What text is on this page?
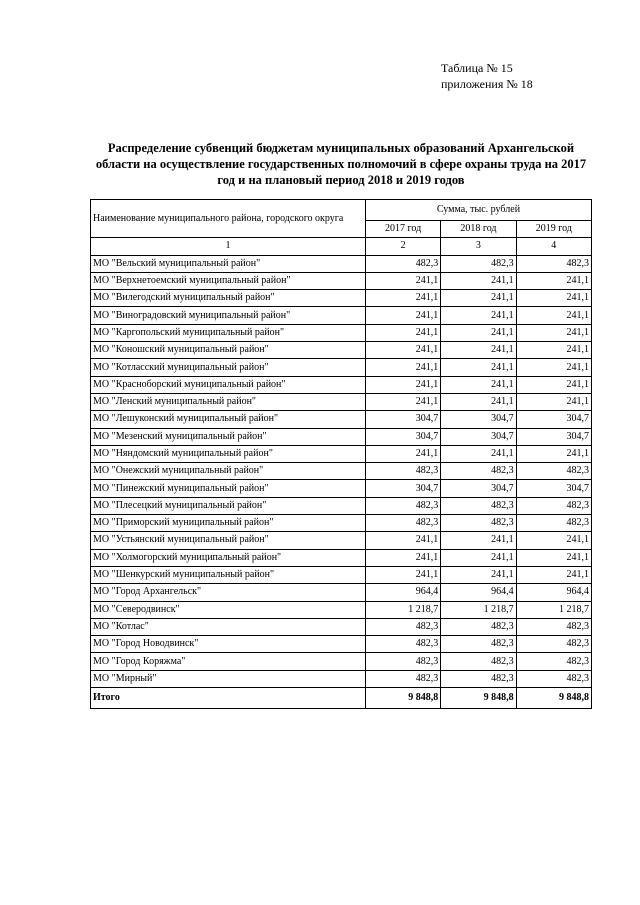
Таблица № 15
приложения № 18
Распределение субвенций бюджетам муниципальных образований Архангельской области на осуществление государственных полномочий в сфере охраны труда на 2017 год и на плановый период 2018 и 2019 годов
Наименование муниципального района, городского округа	Сумма, тыс. рублей		
	2017 год	2018 год	2019 год
1	2	3	4
МО "Вельский муниципальный район"	482,3	482,3	482,3
МО "Верхнетоемский муниципальный район"	241,1	241,1	241,1
МО "Вилегодский муниципальный район"	241,1	241,1	241,1
МО "Виноградовский муниципальный район"	241,1	241,1	241,1
МО "Каргопольский муниципальный район"	241,1	241,1	241,1
МО "Коношский муниципальный район"	241,1	241,1	241,1
МО "Котласский муниципальный район"	241,1	241,1	241,1
МО "Красноборский муниципальный район"	241,1	241,1	241,1
МО "Ленский муниципальный район"	241,1	241,1	241,1
МО "Лешуконский муниципальный район"	304,7	304,7	304,7
МО "Мезенский муниципальный район"	304,7	304,7	304,7
МО "Няндомский муниципальный район"	241,1	241,1	241,1
МО "Онежский муниципальный район"	482,3	482,3	482,3
МО "Пинежский муниципальный район"	304,7	304,7	304,7
МО "Плесецкий муниципальный район"	482,3	482,3	482,3
МО "Приморский муниципальный район"	482,3	482,3	482,3
МО "Устьянский муниципальный район"	241,1	241,1	241,1
МО "Холмогорский муниципальный район"	241,1	241,1	241,1
МО "Шенкурский муниципальный район"	241,1	241,1	241,1
МО "Город Архангельск"	964,4	964,4	964,4
МО "Северодвинск"	1 218,7	1 218,7	1 218,7
МО "Котлас"	482,3	482,3	482,3
МО "Город Новодвинск"	482,3	482,3	482,3
МО "Город Коряжма"	482,3	482,3	482,3
МО "Мирный"	482,3	482,3	482,3
Итого	9 848,8	9 848,8	9 848,8
